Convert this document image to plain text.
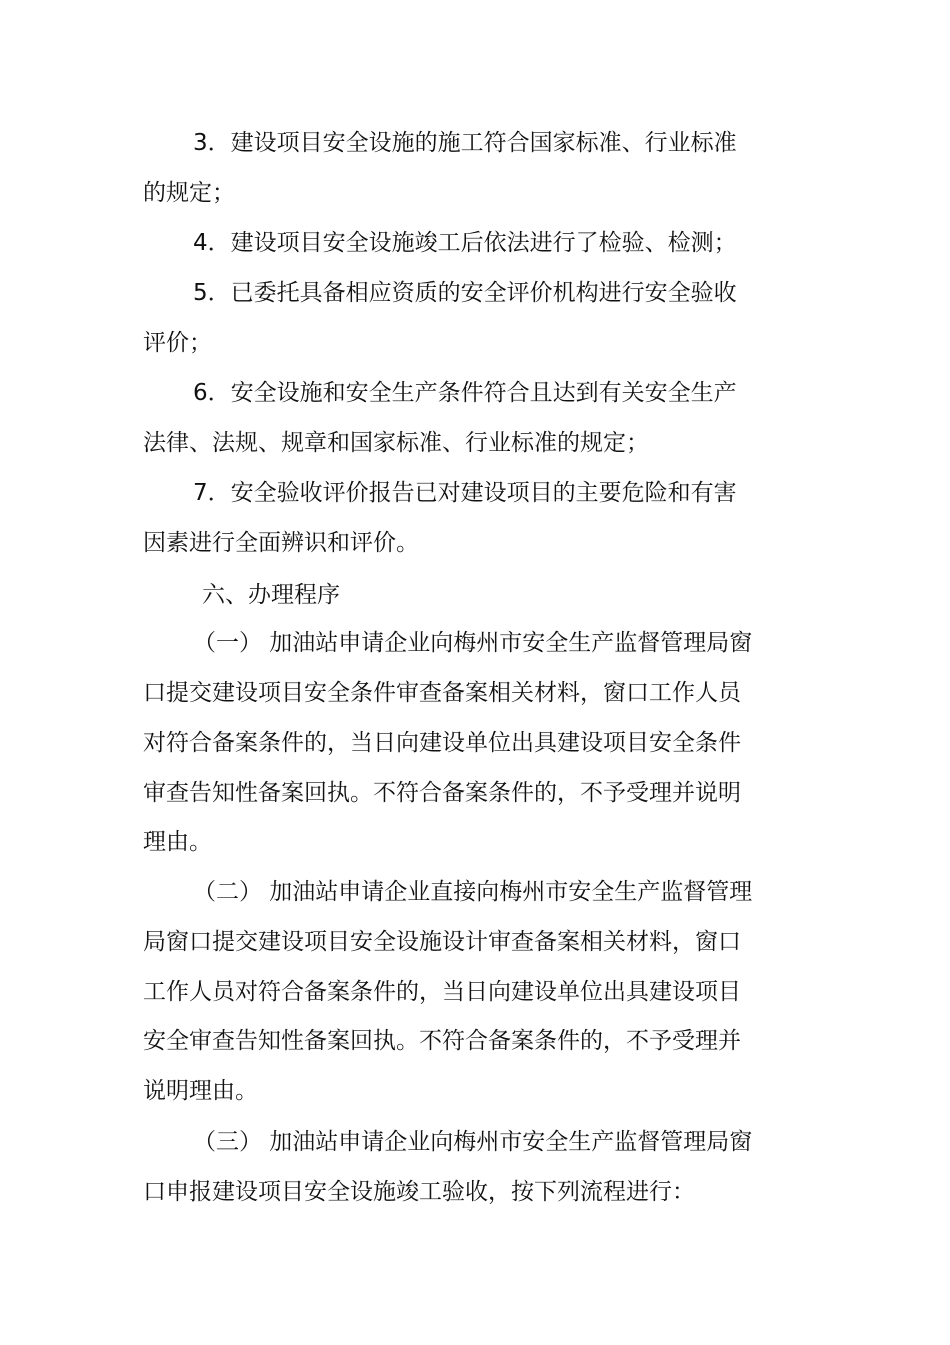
3．建设项目安全设施的施工符合国家标准、行业标准
的规定；
4．建设项目安全设施竣工后依法进行了检验、检测；
5．已委托具备相应资质的安全评价机构进行安全验收
评价；
6．安全设施和安全生产条件符合且达到有关安全生产
法律、法规、规章和国家标准、行业标准的规定；
7．安全验收评价报告已对建设项目的主要危险和有害
因素进行全面辨识和评价。
六、办理程序
（一） 加油站申请企业向梅州市安全生产监督管理局窗
口提交建设项目安全条件审查备案相关材料，窗口工作人员
对符合备案条件的，当日向建设单位出具建设项目安全条件
审查告知性备案回执。不符合备案条件的，不予受理并说明
理由。
（二） 加油站申请企业直接向梅州市安全生产监督管理
局窗口提交建设项目安全设施设计审查备案相关材料，窗口
工作人员对符合备案条件的，当日向建设单位出具建设项目
安全审查告知性备案回执。不符合备案条件的，不予受理并
说明理由。
（三） 加油站申请企业向梅州市安全生产监督管理局窗
口申报建设项目安全设施竣工验收，按下列流程进行：
